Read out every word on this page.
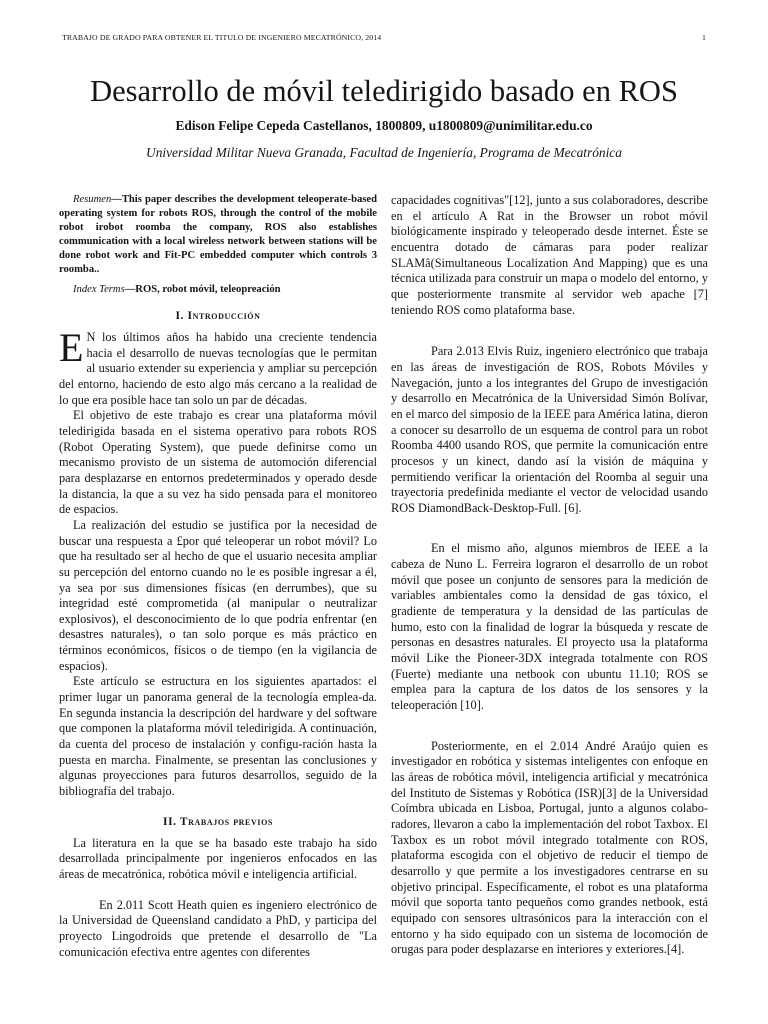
TRABAJO DE GRADO PARA OBTENER EL TITULO DE INGENIERO MECATRÓNICO, 2014	1
Desarrollo de móvil teledirigido basado en ROS
Edison Felipe Cepeda Castellanos, 1800809, u1800809@unimilitar.edu.co
Universidad Militar Nueva Granada, Facultad de Ingeniería, Programa de Mecatrónica

Resumen—This paper describes the development teleoperate-based operating system for robots ROS, through the control of the mobile robot irobot roomba the company, ROS also establishes communication with a local wireless network between stations will be done robot work and Fit-PC embedded computer which controls 3 roomba..

Index Terms—ROS, robot móvil, teleopreación

I. Introducción

E N los últimos años ha habido una creciente tendencia hacia el desarrollo de nuevas tecnologías que le permitan al usuario extender su experiencia y ampliar su percepción del entorno, haciendo de esto algo más cercano a la realidad de lo que era posible hace tan solo un par de décadas.

El objetivo de este trabajo es crear una plataforma móvil teledirigida basada en el sistema operativo para robots ROS (Robot Operating System), que puede definirse como un mecanismo provisto de un sistema de automoción diferencial para desplazarse en entornos predeterminados y operado desde la distancia, la que a su vez ha sido pensada para el monitoreo de espacios.

La realización del estudio se justifica por la necesidad de buscar una respuesta a £por qué teleoperar un robot móvil? Lo que ha resultado ser al hecho de que el usuario necesita ampliar su percepción del entorno cuando no le es posible ingresar a él, ya sea por sus dimensiones físicas (en derrumbes), que su integridad esté comprometida (al manipular o neutralizar explosivos), el desconocimiento de lo que podría enfrentar (en desastres naturales), o tan solo porque es más práctico en términos económicos, físicos o de tiempo (en la vigilancia de espacios).

Este artículo se estructura en los siguientes apartados: el primer lugar un panorama general de la tecnología emplea-da. En segunda instancia la descripción del hardware y del software que componen la plataforma móvil teledirigida. A continuación, da cuenta del proceso de instalación y configu-ración hasta la puesta en marcha. Finalmente, se presentan las conclusiones y algunas proyecciones para futuros desarrollos, seguido de la bibliografía del trabajo.

II. Trabajos previos

La literatura en la que se ha basado este trabajo ha sido desarrollada principalmente por ingenieros enfocados en las áreas de mecatrónica, robótica móvil e inteligencia artificial.

En 2.011 Scott Heath quien es ingeniero electrónico de la Universidad de Queensland candidato a PhD, y participa del proyecto Lingodroids que pretende el desarrollo de "La comunicación efectiva entre agentes con diferentes

capacidades cognitivas"[12], junto a sus colaboradores, describe en el artículo A Rat in the Browser un robot móvil biológicamente inspirado y teleoperado desde internet. Éste se encuentra dotado de cámaras para poder realizar SLAMâ(Simultaneous Localization And Mapping) que es una técnica utilizada para construir un mapa o modelo del entorno, y que posteriormente transmite al servidor web apache [7] teniendo ROS como plataforma base.

Para 2.013 Elvis Ruiz, ingeniero electrónico que trabaja en las áreas de investigación de ROS, Robots Móviles y Navegación, junto a los integrantes del Grupo de investigación y desarrollo en Mecatrónica de la Universidad Simón Bolívar, en el marco del simposio de la IEEE para América latina, dieron a conocer su desarrollo de un esquema de control para un robot Roomba 4400 usando ROS, que permite la comunicación entre procesos y un kinect, dando así la visión de máquina y permitiendo verificar la orientación del Roomba al seguir una trayectoria predefinida mediante el vector de velocidad usando ROS DiamondBack-Desktop-Full. [6].

En el mismo año, algunos miembros de IEEE a la cabeza de Nuno L. Ferreira lograron el desarrollo de un robot móvil que posee un conjunto de sensores para la medición de variables ambientales como la densidad de gas tóxico, el gradiente de temperatura y la densidad de las partículas de humo, esto con la finalidad de lograr la búsqueda y rescate de personas en desastres naturales. El proyecto usa la plataforma móvil Like the Pioneer-3DX integrada totalmente con ROS (Fuerte) mediante una netbook con ubuntu 11.10; ROS se emplea para la captura de los datos de los sensores y la teleoperación [10].

Posteriormente, en el 2.014 André Araújo quien es investigador en robótica y sistemas inteligentes con enfoque en las áreas de robótica móvil, inteligencia artificial y mecatrónica del Instituto de Sistemas y Robótica (ISR)[3] de la Universidad Coímbra ubicada en Lisboa, Portugal, junto a algunos colabo-radores, llevaron a cabo la implementación del robot Taxbox. El Taxbox es un robot móvil integrado totalmente con ROS, plataforma escogida con el objetivo de reducir el tiempo de desarrollo y que permite a los investigadores centrarse en su objetivo principal. Específicamente, el robot es una plataforma móvil que soporta tanto pequeños como grandes netbook, está equipado con sensores ultrasónicos para la interacción con el entorno y ha sido equipado con un sistema de locomoción de orugas para poder desplazarse en interiores y exteriores.[4].
